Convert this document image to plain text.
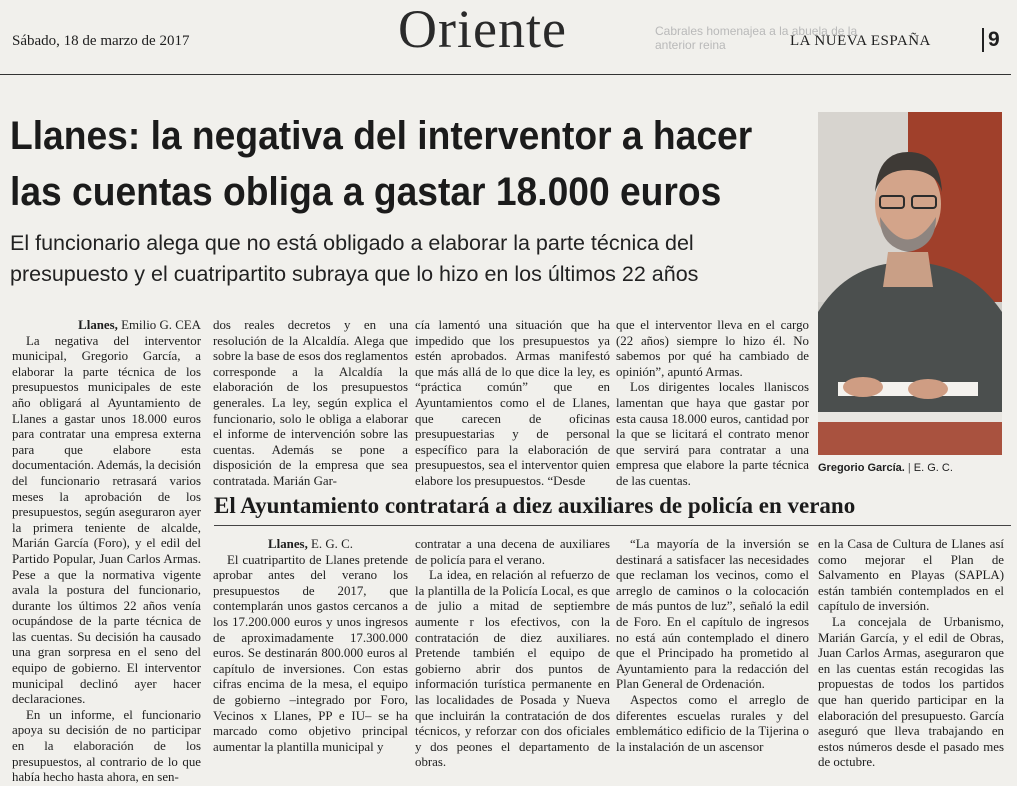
Sábado, 18 de marzo de 2017	Oriente	LA NUEVA ESPAÑA	9
Cabrales homenajea a la abuela de la anterior reina
Llanes: la negativa del interventor a hacer
las cuentas obliga a gastar 18.000 euros
El funcionario alega que no está obligado a elaborar la parte técnica del
presupuesto y el cuatripartito subraya que lo hizo en los últimos 22 años
Gregorio García. | E. G. C.
Llanes, Emilio G. CEA

La negativa del interventor municipal, Gregorio García, a elaborar la parte técnica de los presupuestos municipales de este año obligará al Ayuntamiento de Llanes a gastar unos 18.000 euros para contratar una empresa externa para que elabore esta documentación. Además, la decisión del funcionario retrasará varios meses la aprobación de los presupuestos, según aseguraron ayer la primera teniente de alcalde, Marián García (Foro), y el edil del Partido Popular, Juan Carlos Armas. Pese a que la normativa vigente avala la postura del funcionario, durante los últimos 22 años venía ocupándose de la parte técnica de las cuentas. Su decisión ha causado una gran sorpresa en el seno del equipo de gobierno. El interventor municipal declinó ayer hacer declaraciones.

En un informe, el funcionario apoya su decisión de no participar en la elaboración de los presupuestos, al contrario de lo que había hecho hasta ahora, en sen-

dos reales decretos y en una resolución de la Alcaldía. Alega que sobre la base de esos dos reglamentos corresponde a la Alcaldía la elaboración de los presupuestos generales. La ley, según explica el funcionario, solo le obliga a elaborar el informe de intervención sobre las cuentas. Además se pone a disposición de la empresa que sea contratada. Marián Gar-

cía lamentó una situación que ha impedido que los presupuestos ya estén aprobados. Armas manifestó que más allá de lo que dice la ley, es “práctica común” que en Ayuntamientos como el de Llanes, que carecen de oficinas presupuestarias y de personal específico para la elaboración de presupuestos, sea el interventor quien elabore los presupuestos. “Desde

que el interventor lleva en el cargo (22 años) siempre lo hizo él. No sabemos por qué ha cambiado de opinión”, apuntó Armas.

Los dirigentes locales llaniscos lamentan que haya que gastar por esta causa 18.000 euros, cantidad por la que se licitará el contrato menor que servirá para contratar a una empresa que elabore la parte técnica de las cuentas.

El Ayuntamiento contratará a diez auxiliares de policía en verano
Llanes, E. G. C.

El cuatripartito de Llanes pretende aprobar antes del verano los presupuestos de 2017, que contemplarán unos gastos cercanos a los 17.200.000 euros y unos ingresos de aproximadamente 17.300.000 euros. Se destinarán 800.000 euros al capítulo de inversiones. Con estas cifras encima de la mesa, el equipo de gobierno –integrado por Foro, Vecinos x Llanes, PP e IU– se ha marcado como objetivo principal aumentar la plantilla municipal y

contratar a una decena de auxiliares de policía para el verano.

La idea, en relación al refuerzo de la plantilla de la Policía Local, es que de julio a mitad de septiembre aumente r los efectivos, con la contratación de diez auxiliares. Pretende también el equipo de gobierno abrir dos puntos de información turística permanente en las localidades de Posada y Nueva que incluirán la contratación de dos técnicos, y reforzar con dos oficiales y dos peones el departamento de obras.

“La mayoría de la inversión se destinará a satisfacer las necesidades que reclaman los vecinos, como el arreglo de caminos o la colocación de más puntos de luz”, señaló la edil de Foro. En el capítulo de ingresos no está aún contemplado el dinero que el Principado ha prometido al Ayuntamiento para la redacción del Plan General de Ordenación.

Aspectos como el arreglo de diferentes escuelas rurales y del emblemático edificio de la Tijerina o la instalación de un ascensor

en la Casa de Cultura de Llanes así como mejorar el Plan de Salvamento en Playas (SAPLA) están también contemplados en el capítulo de inversión.

La concejala de Urbanismo, Marián García, y el edil de Obras, Juan Carlos Armas, aseguraron que en las cuentas están recogidas las propuestas de todos los partidos que han querido participar en la elaboración del presupuesto. García aseguró que lleva trabajando en estos números desde el pasado mes de octubre.
